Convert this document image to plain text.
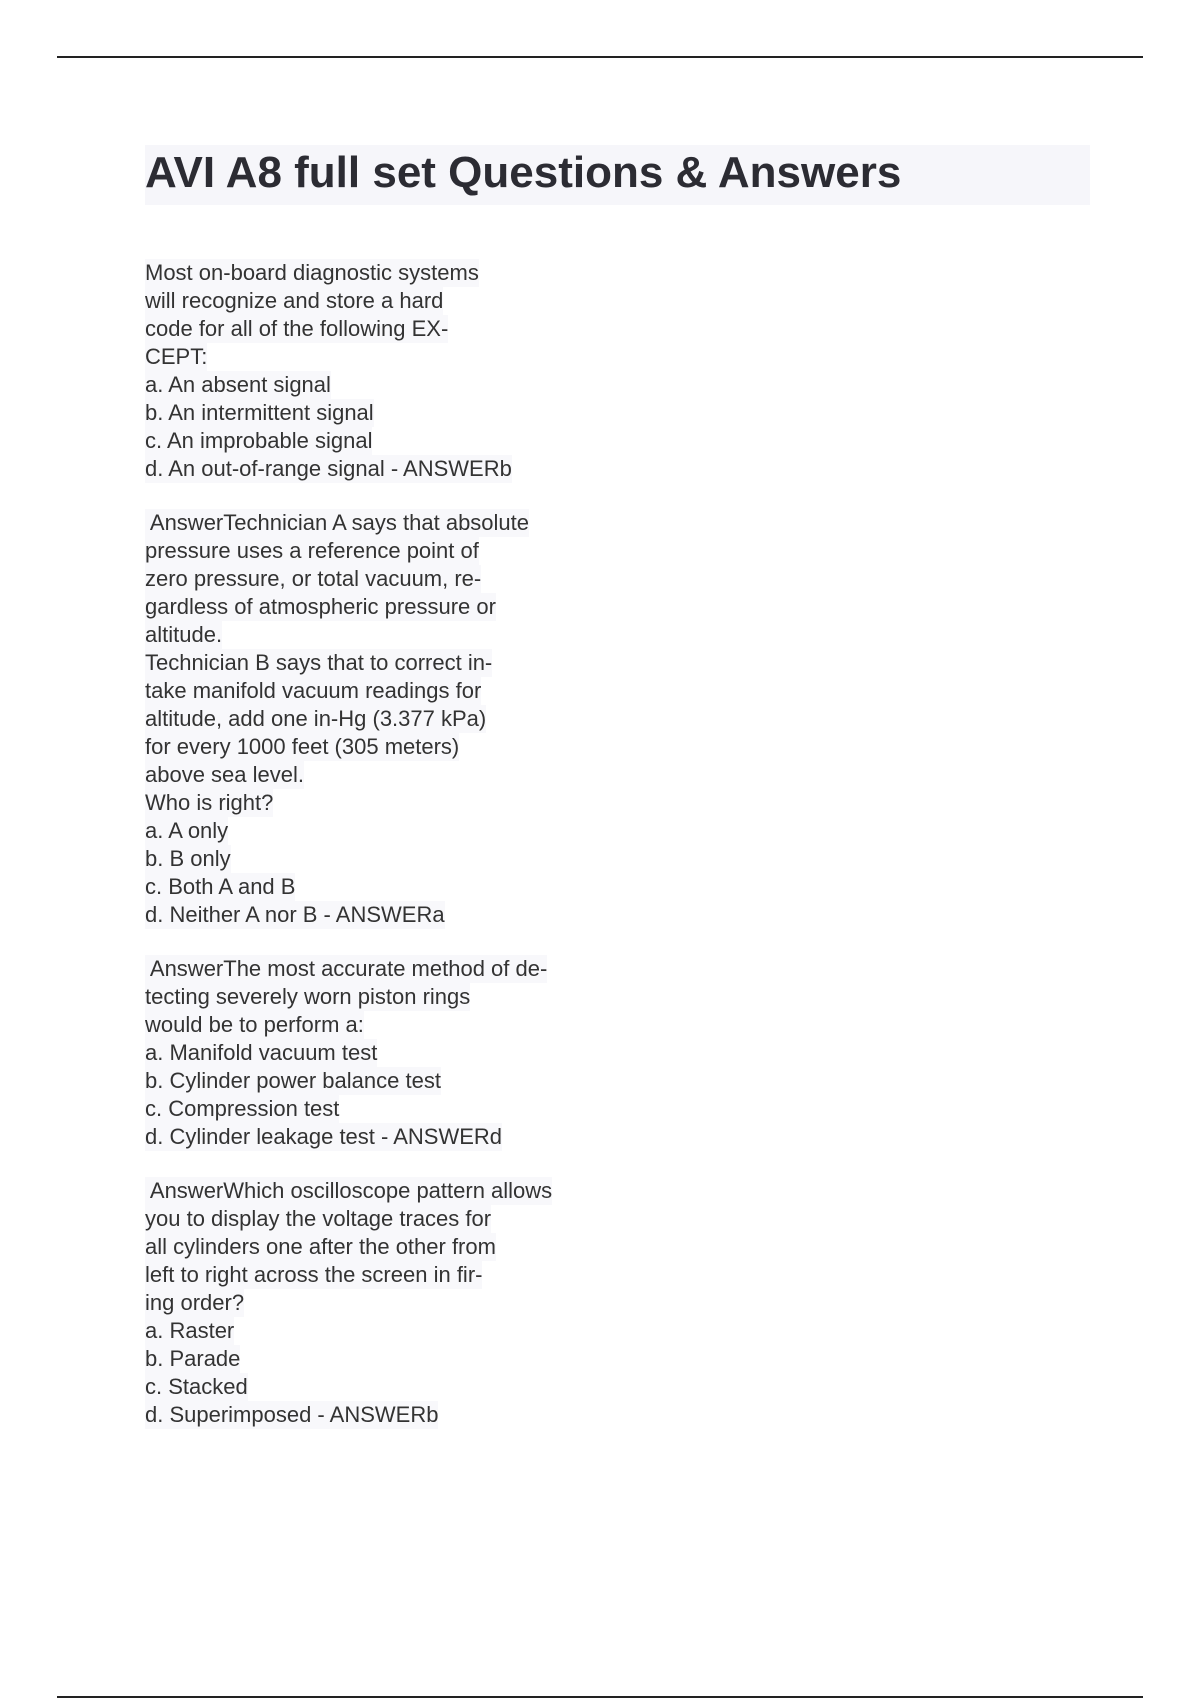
AVI A8 full set Questions & Answers
Most on-board diagnostic systems
will recognize and store a hard
code for all of the following EX-
CEPT:
a. An absent signal
b. An intermittent signal
c. An improbable signal
d. An out-of-range signal - ANSWERb
AnswerTechnician A says that absolute
pressure uses a reference point of
zero pressure, or total vacuum, re-
gardless of atmospheric pressure or
altitude.
Technician B says that to correct in-
take manifold vacuum readings for
altitude, add one in-Hg (3.377 kPa)
for every 1000 feet (305 meters)
above sea level.
Who is right?
a. A only
b. B only
c. Both A and B
d. Neither A nor B - ANSWERa
AnswerThe most accurate method of de-
tecting severely worn piston rings
would be to perform a:
a. Manifold vacuum test
b. Cylinder power balance test
c. Compression test
d. Cylinder leakage test - ANSWERd
AnswerWhich oscilloscope pattern allows
you to display the voltage traces for
all cylinders one after the other from
left to right across the screen in fir-
ing order?
a. Raster
b. Parade
c. Stacked
d. Superimposed - ANSWERb
